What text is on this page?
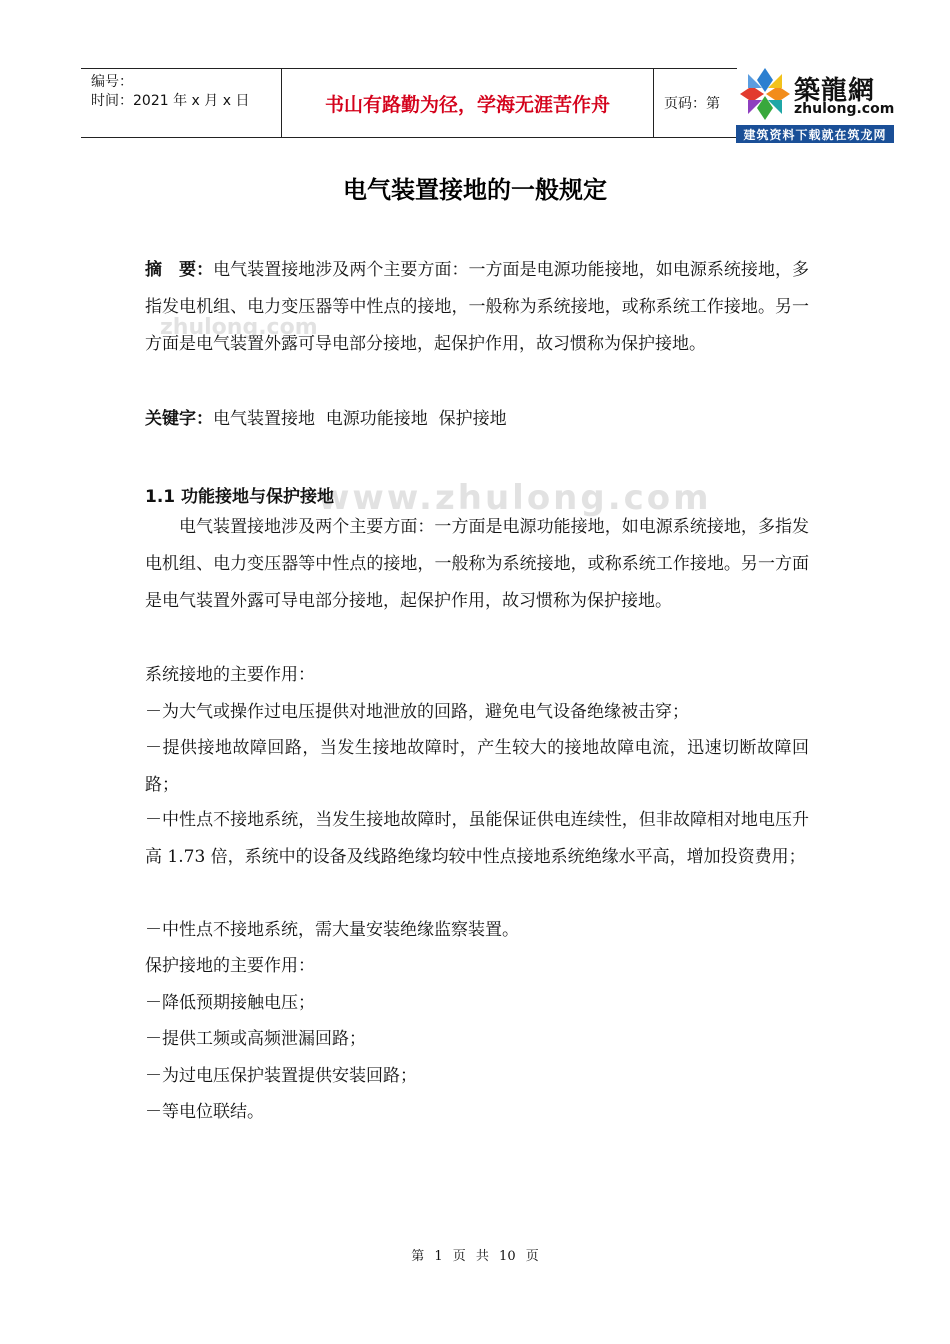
编号：
时间：2021 年 x 月 x 日	书山有路勤为径，学海无涯苦作舟	页码：第	築龍網
zhulong.com
建筑资料下载就在筑龙网
电气装置接地的一般规定
zhulong.com
www.zhulong.com
摘　要：电气装置接地涉及两个主要方面：一方面是电源功能接地，如电源系统接地，多指发电机组、电力变压器等中性点的接地，一般称为系统接地，或称系统工作接地。另一方面是电气装置外露可导电部分接地，起保护作用，故习惯称为保护接地。
关键字：电气装置接地  电源功能接地  保护接地
1.1 功能接地与保护接地
电气装置接地涉及两个主要方面：一方面是电源功能接地，如电源系统接地，多指发电机组、电力变压器等中性点的接地，一般称为系统接地，或称系统工作接地。另一方面是电气装置外露可导电部分接地，起保护作用，故习惯称为保护接地。
系统接地的主要作用：
－为大气或操作过电压提供对地泄放的回路，避免电气设备绝缘被击穿；
－提供接地故障回路，当发生接地故障时，产生较大的接地故障电流，迅速切断故障回路；
－中性点不接地系统，当发生接地故障时，虽能保证供电连续性，但非故障相对地电压升高 1.73 倍，系统中的设备及线路绝缘均较中性点接地系统绝缘水平高，增加投资费用；
－中性点不接地系统，需大量安装绝缘监察装置。
保护接地的主要作用：
－降低预期接触电压；
－提供工频或高频泄漏回路；
－为过电压保护装置提供安装回路；
－等电位联结。
第 1 页 共 10 页
